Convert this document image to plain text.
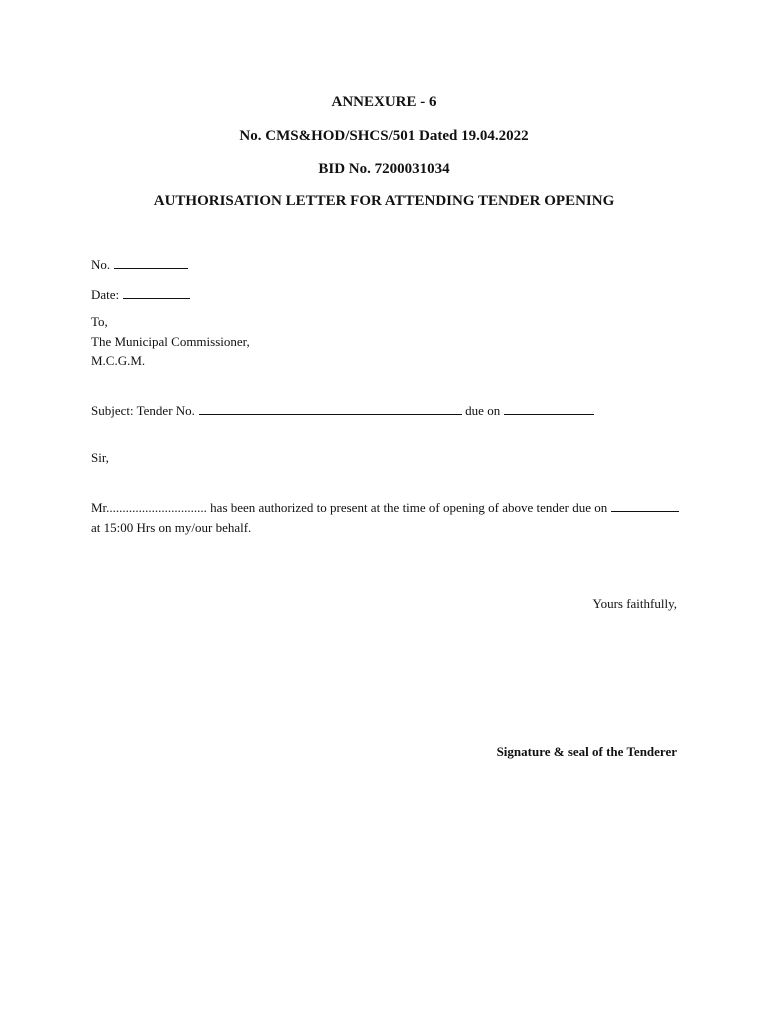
ANNEXURE - 6
No. CMS&HOD/SHCS/501 Dated 19.04.2022
BID No. 7200031034
AUTHORISATION LETTER FOR ATTENDING TENDER OPENING
No.
Date:
To,
The Municipal Commissioner,
M.C.G.M.
Subject: Tender No.	due on
Sir,
Mr............................... has been authorized to present at the time of opening of above tender due on at 15:00 Hrs on my/our behalf.
Yours faithfully,
Signature & seal of the Tenderer
